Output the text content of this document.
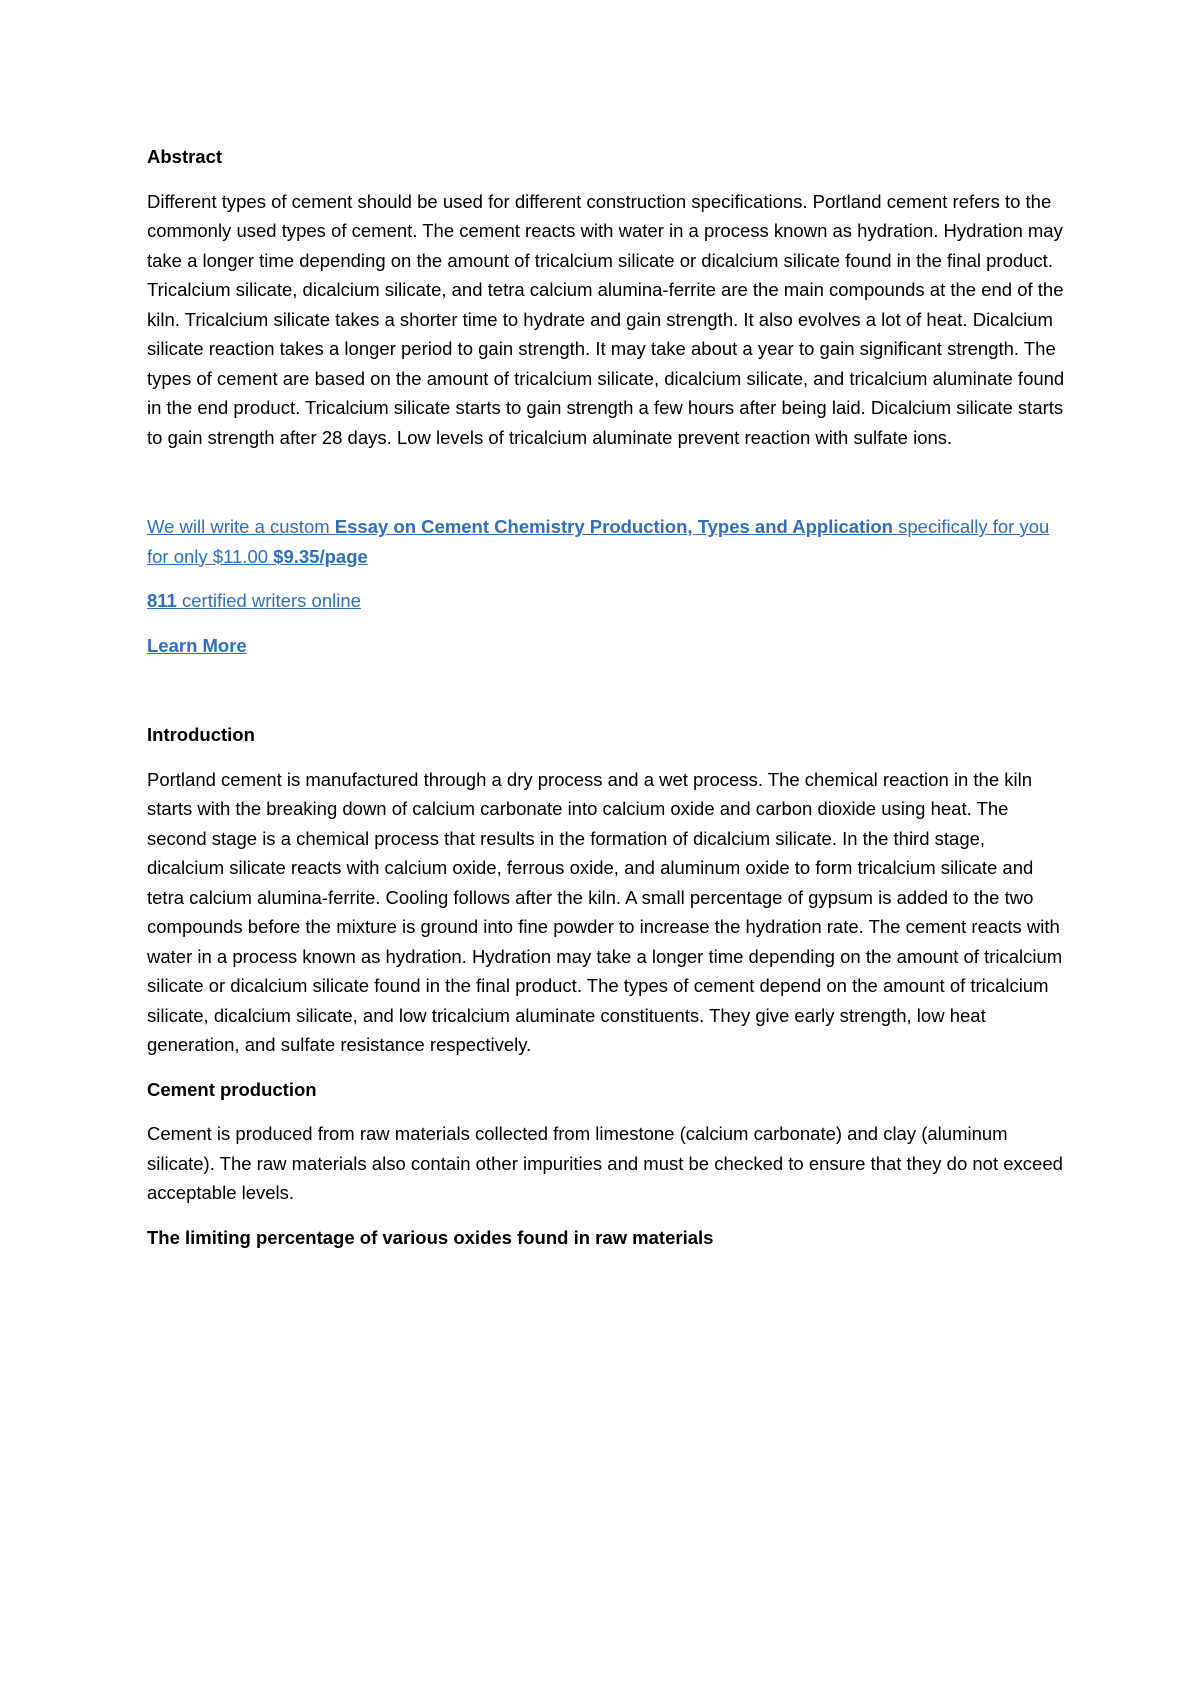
Abstract

Different types of cement should be used for different construction specifications. Portland cement refers to the commonly used types of cement. The cement reacts with water in a process known as hydration. Hydration may take a longer time depending on the amount of tricalcium silicate or dicalcium silicate found in the final product. Tricalcium silicate, dicalcium silicate, and tetra calcium alumina-ferrite are the main compounds at the end of the kiln. Tricalcium silicate takes a shorter time to hydrate and gain strength. It also evolves a lot of heat. Dicalcium silicate reaction takes a longer period to gain strength. It may take about a year to gain significant strength. The types of cement are based on the amount of tricalcium silicate, dicalcium silicate, and tricalcium aluminate found in the end product. Tricalcium silicate starts to gain strength a few hours after being laid. Dicalcium silicate starts to gain strength after 28 days. Low levels of tricalcium aluminate prevent reaction with sulfate ions.

We will write a custom Essay on Cement Chemistry Production, Types and Application specifically for you

for only $11.00 $9.35/page

811 certified writers online

Learn More

Introduction

Portland cement is manufactured through a dry process and a wet process. The chemical reaction in the kiln starts with the breaking down of calcium carbonate into calcium oxide and carbon dioxide using heat. The second stage is a chemical process that results in the formation of dicalcium silicate. In the third stage, dicalcium silicate reacts with calcium oxide, ferrous oxide, and aluminum oxide to form tricalcium silicate and tetra calcium alumina-ferrite. Cooling follows after the kiln. A small percentage of gypsum is added to the two compounds before the mixture is ground into fine powder to increase the hydration rate. The cement reacts with water in a process known as hydration. Hydration may take a longer time depending on the amount of tricalcium silicate or dicalcium silicate found in the final product. The types of cement depend on the amount of tricalcium silicate, dicalcium silicate, and low tricalcium aluminate constituents. They give early strength, low heat generation, and sulfate resistance respectively.

Cement production

Cement is produced from raw materials collected from limestone (calcium carbonate) and clay (aluminum silicate). The raw materials also contain other impurities and must be checked to ensure that they do not exceed acceptable levels.

The limiting percentage of various oxides found in raw materials
